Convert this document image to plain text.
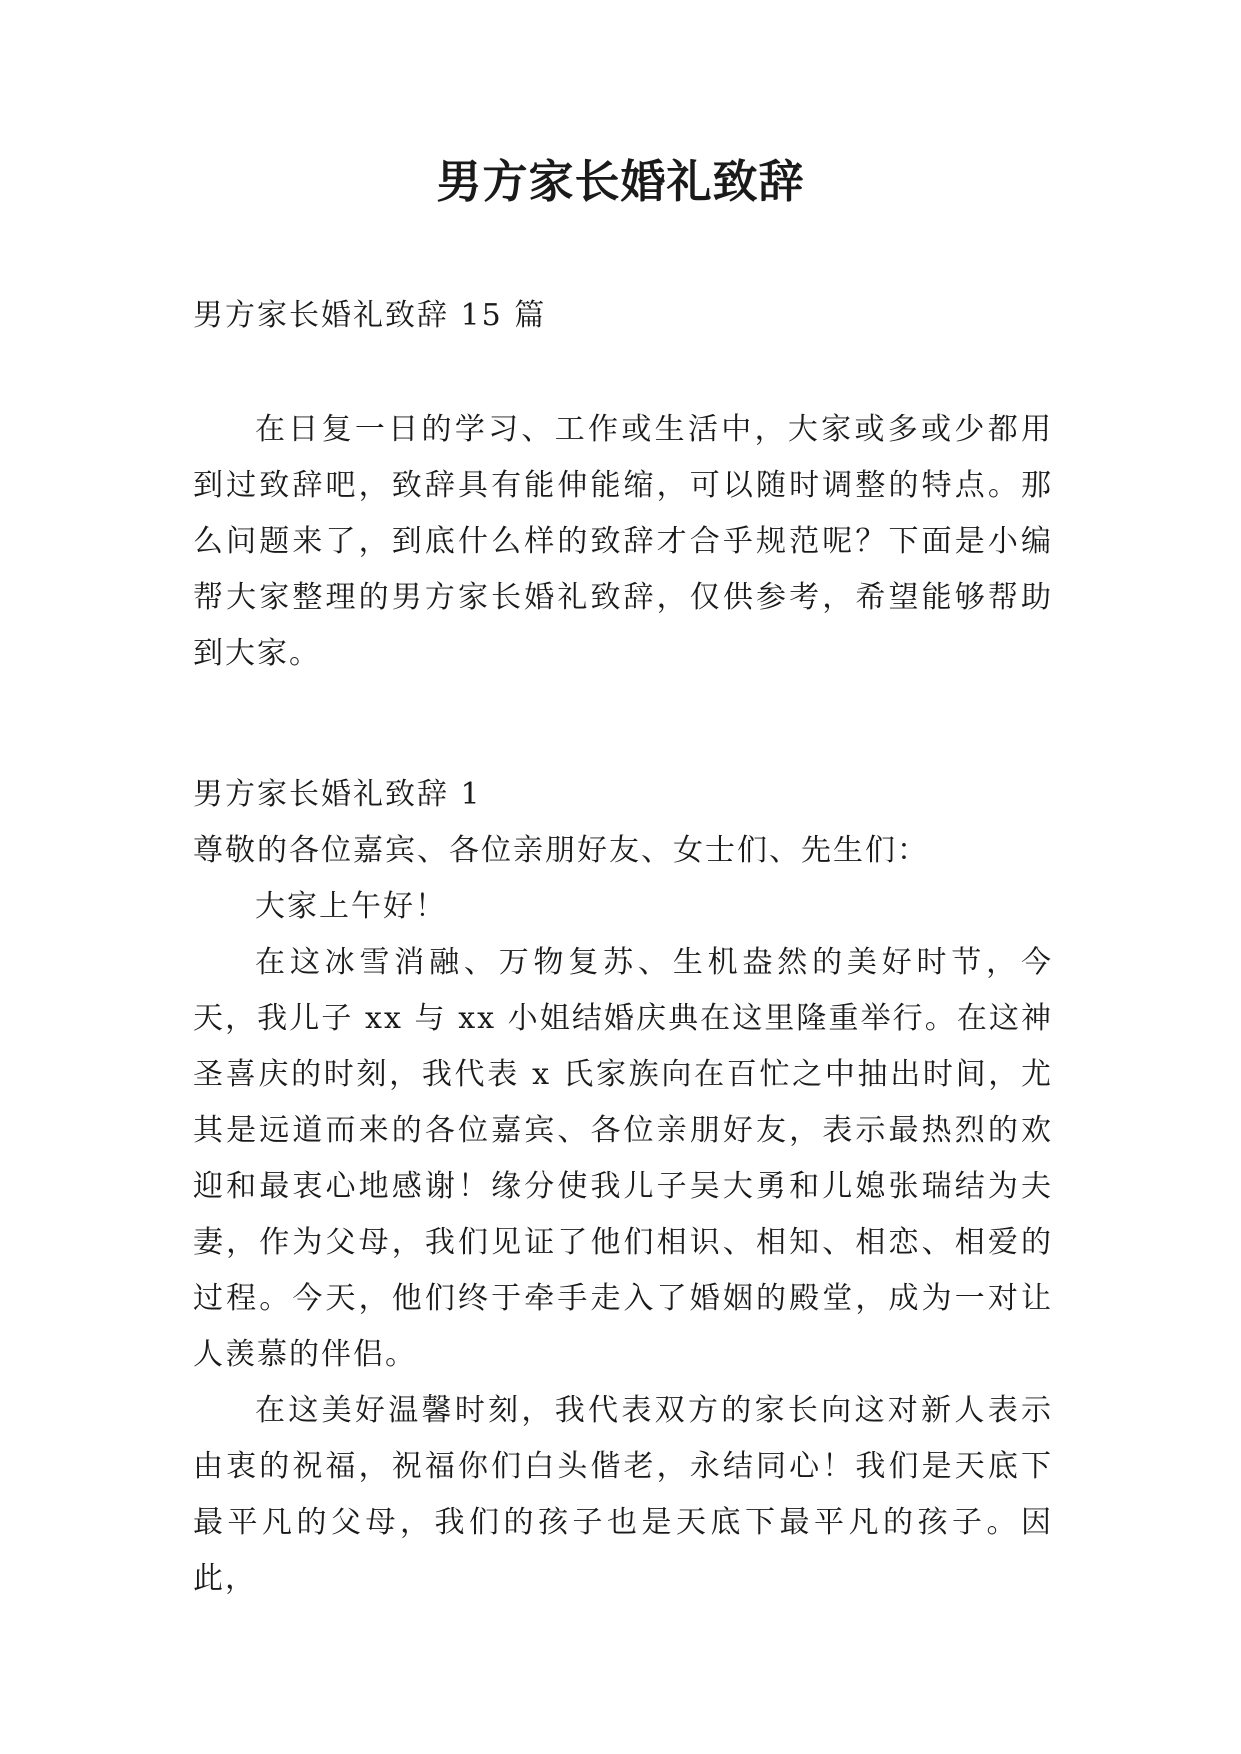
男方家长婚礼致辞

男方家长婚礼致辞 15 篇

在日复一日的学习、工作或生活中，大家或多或少都用到过致辞吧，致辞具有能伸能缩，可以随时调整的特点。那么问题来了，到底什么样的致辞才合乎规范呢？下面是小编帮大家整理的男方家长婚礼致辞，仅供参考，希望能够帮助到大家。

男方家长婚礼致辞 1

尊敬的各位嘉宾、各位亲朋好友、女士们、先生们：

大家上午好！

在这冰雪消融、万物复苏、生机盎然的美好时节，今天，我儿子 xx 与 xx 小姐结婚庆典在这里隆重举行。在这神圣喜庆的时刻，我代表 x 氏家族向在百忙之中抽出时间，尤其是远道而来的各位嘉宾、各位亲朋好友，表示最热烈的欢迎和最衷心地感谢！缘分使我儿子吴大勇和儿媳张瑞结为夫妻，作为父母，我们见证了他们相识、相知、相恋、相爱的过程。今天，他们终于牵手走入了婚姻的殿堂，成为一对让人羡慕的伴侣。

在这美好温馨时刻，我代表双方的家长向这对新人表示由衷的祝福，祝福你们白头偕老，永结同心！我们是天底下最平凡的父母，我们的孩子也是天底下最平凡的孩子。因此，
